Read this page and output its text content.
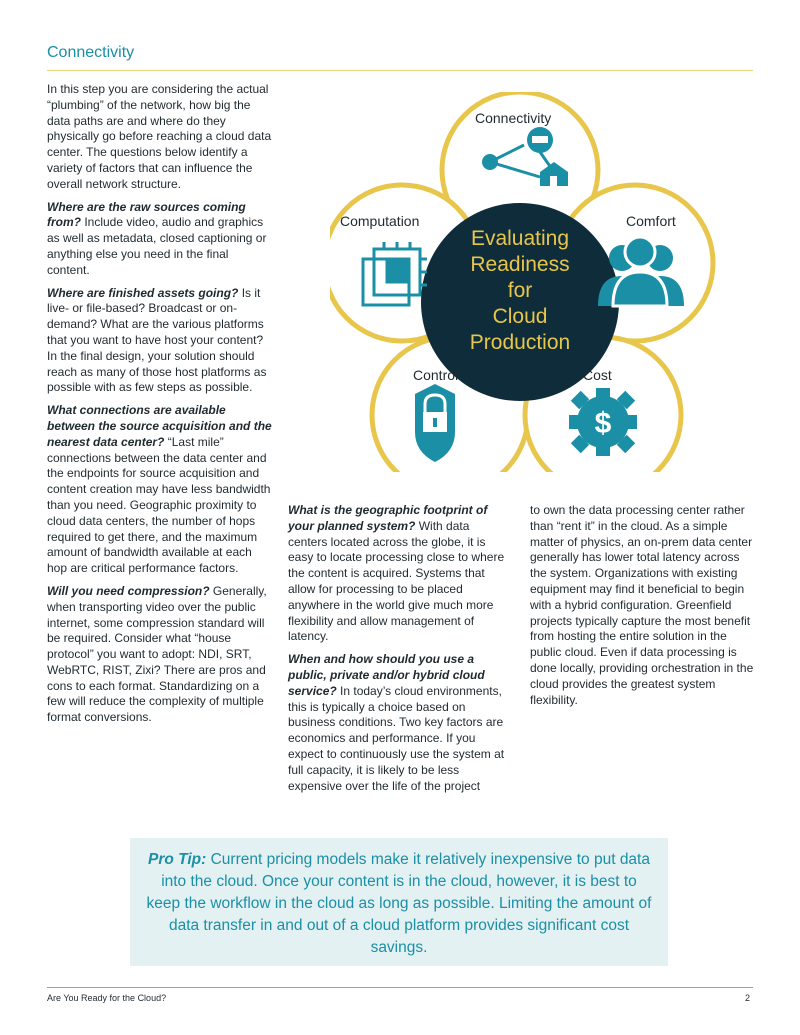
Connectivity

In this step you are considering the actual “plumbing” of the network, how big the data paths are and where do they physically go before reaching a cloud data center. The questions below identify a variety of factors that can influence the overall network structure.

Where are the raw sources coming from? Include video, audio and graphics as well as metadata, closed captioning or anything else you need in the final content.

Where are finished assets going? Is it live- or file-based? Broadcast or on-demand? What are the various platforms that you want to have host your content? In the final design, your solution should reach as many of those host platforms as possible with as few steps as possible.

What connections are available between the source acquisition and the nearest data center? “Last mile” connections between the data center and the endpoints for source acquisition and content creation may have less bandwidth than you need. Geographic proximity to cloud data centers, the number of hops required to get there, and the maximum amount of bandwidth available at each hop are critical performance factors.

Will you need compression? Generally, when transporting video over the public internet, some compression standard will be required. Consider what “house protocol” you want to adopt: NDI, SRT, WebRTC, RIST, Zixi? There are pros and cons to each format. Standardizing on a few will reduce the complexity of multiple format conversions.

What is the geographic footprint of your planned system? With data centers located across the globe, it is easy to locate processing close to where the content is acquired. Systems that allow for processing to be placed anywhere in the world give much more flexibility and allow management of latency.

When and how should you use a public, private and/or hybrid cloud service? In today’s cloud environments, this is typically a choice based on business conditions. Two key factors are economics and performance. If you expect to continuously use the system at full capacity, it is likely to be less expensive over the life of the project

to own the data processing center rather than “rent it” in the cloud. As a simple matter of physics, an on-prem data center generally has lower total latency across the system. Organizations with existing equipment may find it beneficial to begin with a hybrid configuration. Greenfield projects typically capture the most benefit from hosting the entire solution in the public cloud. Even if data processing is done locally, providing orchestration in the cloud provides the greatest system flexibility.

$
Connectivity
Computation	Comfort
Control	Cost
Evaluating
Readiness
for
Cloud
Production

Pro Tip: Current pricing models make it relatively inexpensive to put data into the cloud. Once your content is in the cloud, however, it is best to keep the workflow in the cloud as long as possible. Limiting the amount of data transfer in and out of a cloud platform provides significant cost savings.

Are You Ready for the Cloud?	2
